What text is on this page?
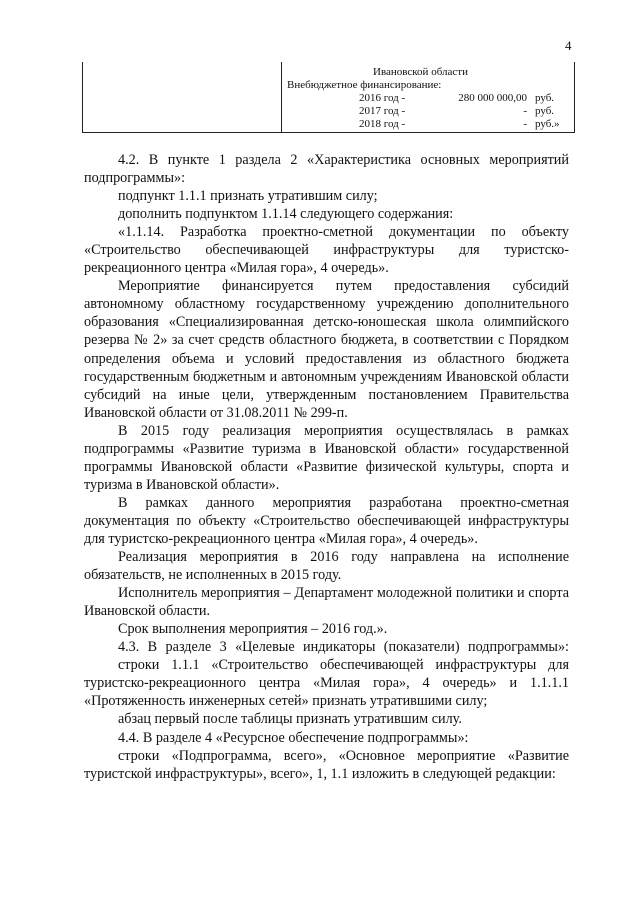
4
Ивановской области
Внебюджетное финансирование:
2016 год -	280 000 000,00 руб.
2017 год -	- руб.
2018 год -	- руб.»

4.2. В пункте 1 раздела 2 «Характеристика основных мероприятий подпрограммы»:

подпункт 1.1.1 признать утратившим силу;

дополнить подпунктом 1.1.14 следующего содержания:

«1.1.14. Разработка проектно-сметной документации по объекту «Строительство обеспечивающей инфраструктуры для туристско-рекреационного центра «Милая гора», 4 очередь».

Мероприятие финансируется путем предоставления субсидий автономному областному государственному учреждению дополнительного образования «Специализированная детско-юношеская школа олимпийского резерва № 2» за счет средств областного бюджета, в соответствии с Порядком определения объема и условий предоставления из областного бюджета государственным бюджетным и автономным учреждениям Ивановской области субсидий на иные цели, утвержденным постановлением Правительства Ивановской области от 31.08.2011 № 299-п.

В 2015 году реализация мероприятия осуществлялась в рамках подпрограммы «Развитие туризма в Ивановской области» государственной программы Ивановской области «Развитие физической культуры, спорта и туризма в Ивановской области».

В рамках данного мероприятия разработана проектно-сметная документация по объекту «Строительство обеспечивающей инфраструктуры для туристско-рекреационного центра «Милая гора», 4 очередь».

Реализация мероприятия в 2016 году направлена на исполнение обязательств, не исполненных в 2015 году.

Исполнитель мероприятия – Департамент молодежной политики и спорта Ивановской области.

Срок выполнения мероприятия – 2016 год.».

4.3. В разделе 3 «Целевые индикаторы (показатели) подпрограммы»:

строки 1.1.1 «Строительство обеспечивающей инфраструктуры для туристско-рекреационного центра «Милая гора», 4 очередь» и 1.1.1.1 «Протяженность инженерных сетей» признать утратившими силу;

абзац первый после таблицы признать утратившим силу.

4.4. В разделе 4 «Ресурсное обеспечение подпрограммы»:

строки «Подпрограмма, всего», «Основное мероприятие «Развитие туристской инфраструктуры», всего», 1, 1.1 изложить в следующей редакции:
